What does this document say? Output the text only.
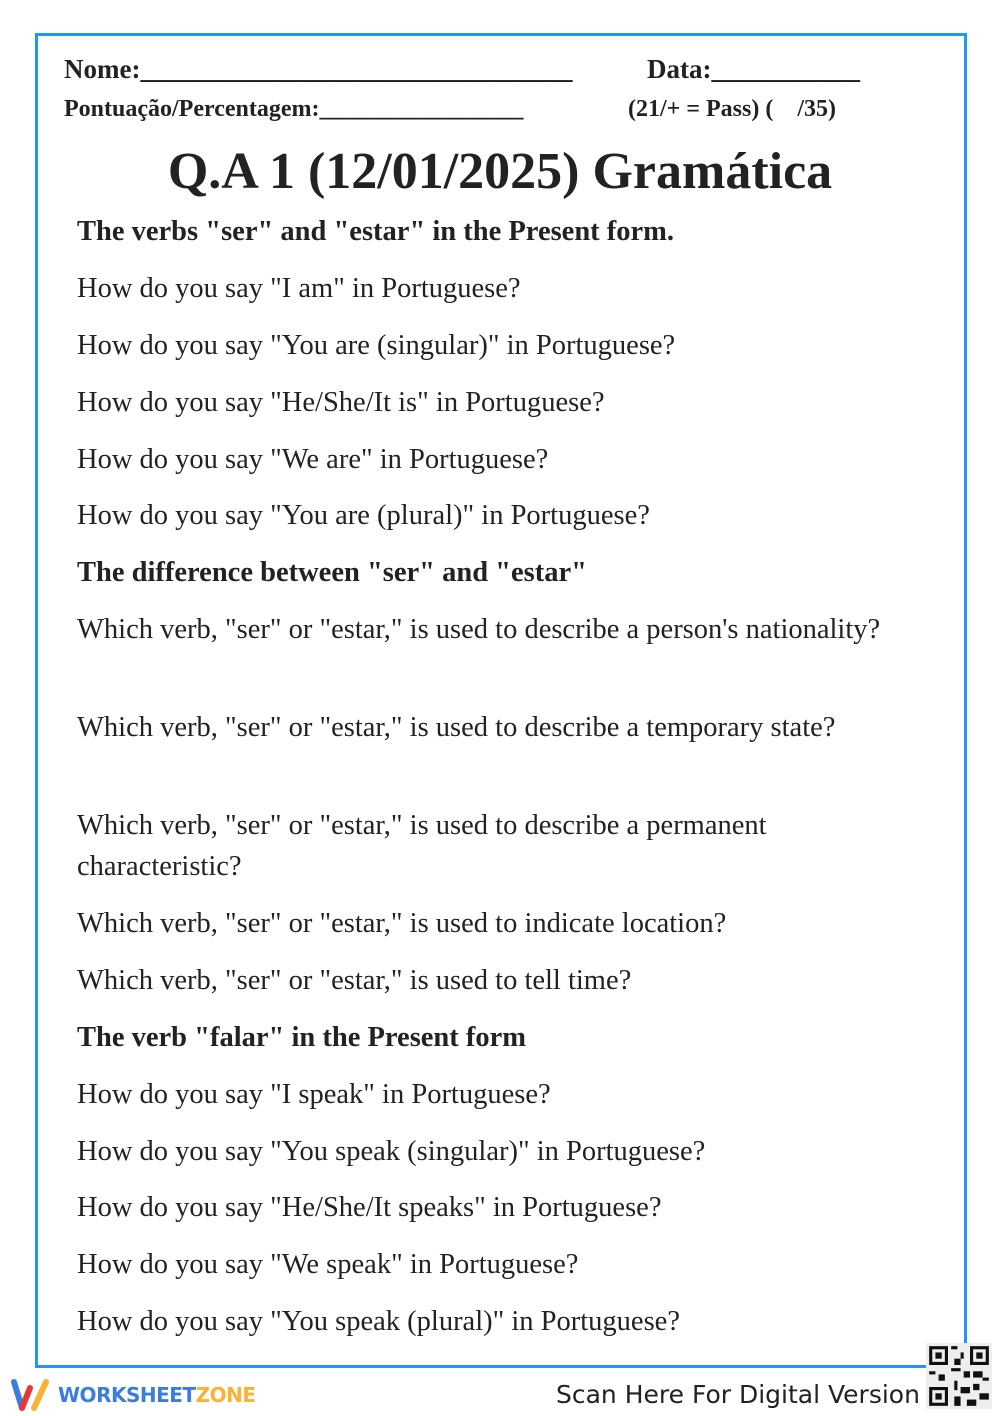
Nome:________________________________	Data:___________
Pontuação/Percentagem:_________________	(21/+ = Pass) (    /35)
Q.A 1 (12/01/2025) Gramática
The verbs "ser" and "estar" in the Present form.
How do you say "I am" in Portuguese?
How do you say "You are (singular)" in Portuguese?
How do you say "He/She/It is" in Portuguese?
How do you say "We are" in Portuguese?
How do you say "You are (plural)" in Portuguese?
The difference between "ser" and "estar"
Which verb, "ser" or "estar," is used to describe a person's nationality?
Which verb, "ser" or "estar," is used to describe a temporary state?
Which verb, "ser" or "estar," is used to describe a permanent
characteristic?
Which verb, "ser" or "estar," is used to indicate location?
Which verb, "ser" or "estar," is used to tell time?
The verb "falar" in the Present form
How do you say "I speak" in Portuguese?
How do you say "You speak (singular)" in Portuguese?
How do you say "He/She/It speaks" in Portuguese?
How do you say "We speak" in Portuguese?
How do you say "You speak (plural)" in Portuguese?
WORKSHEET ZONE	Scan Here For Digital Version
